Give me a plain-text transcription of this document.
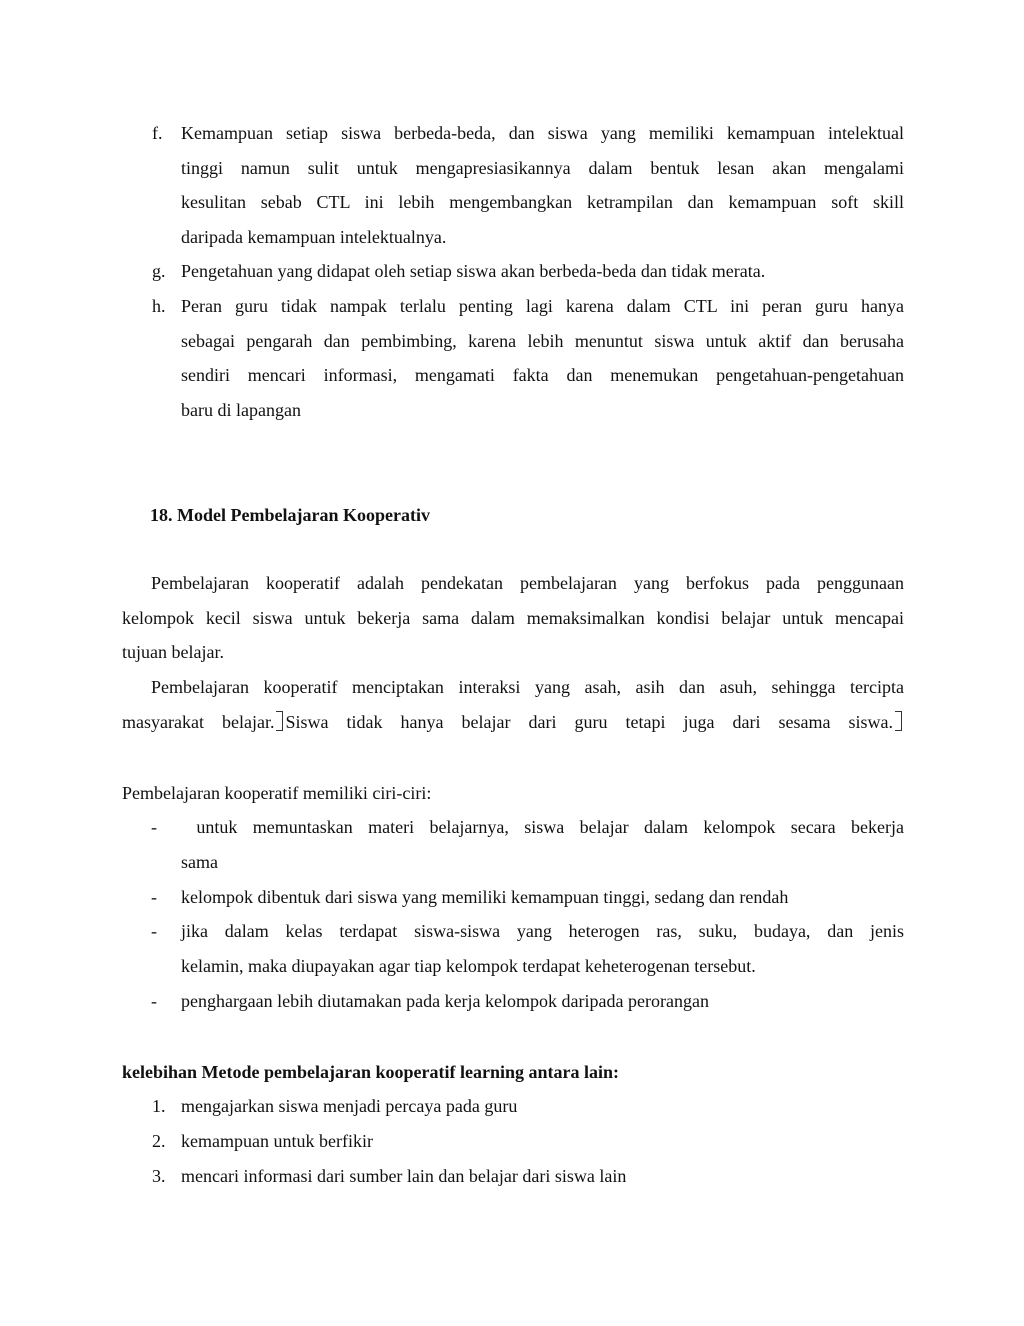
f. Kemampuan setiap siswa berbeda-beda, dan siswa yang memiliki kemampuan intelektual
tinggi namun sulit untuk mengapresiasikannya dalam bentuk lesan akan mengalami
kesulitan sebab CTL ini lebih mengembangkan ketrampilan dan kemampuan soft skill
daripada kemampuan intelektualnya.
g. Pengetahuan yang didapat oleh setiap siswa akan berbeda-beda dan tidak merata.
h. Peran guru tidak nampak terlalu penting lagi karena dalam CTL ini peran guru hanya
sebagai pengarah dan pembimbing, karena lebih menuntut siswa untuk aktif dan berusaha
sendiri mencari informasi, mengamati fakta dan menemukan pengetahuan-pengetahuan
baru di lapangan
18. Model Pembelajaran Kooperativ
Pembelajaran kooperatif adalah pendekatan pembelajaran yang berfokus pada penggunaan
kelompok kecil siswa untuk bekerja sama dalam memaksimalkan kondisi belajar untuk mencapai
tujuan belajar.
Pembelajaran kooperatif menciptakan interaksi yang asah, asih dan asuh, sehingga tercipta
masyarakat belajar. Siswa tidak hanya belajar dari guru tetapi juga dari sesama siswa.

Pembelajaran kooperatif memiliki ciri-ciri:

- untuk memuntaskan materi belajarnya, siswa belajar dalam kelompok secara bekerja
sama
- kelompok dibentuk dari siswa yang memiliki kemampuan tinggi, sedang dan rendah
- jika dalam kelas terdapat siswa-siswa yang heterogen ras, suku, budaya, dan jenis
kelamin, maka diupayakan agar tiap kelompok terdapat keheterogenan tersebut.
- penghargaan lebih diutamakan pada kerja kelompok daripada perorangan

kelebihan Metode pembelajaran kooperatif learning antara lain:

1. mengajarkan siswa menjadi percaya pada guru
2. kemampuan untuk berfikir
3. mencari informasi dari sumber lain dan belajar dari siswa lain
